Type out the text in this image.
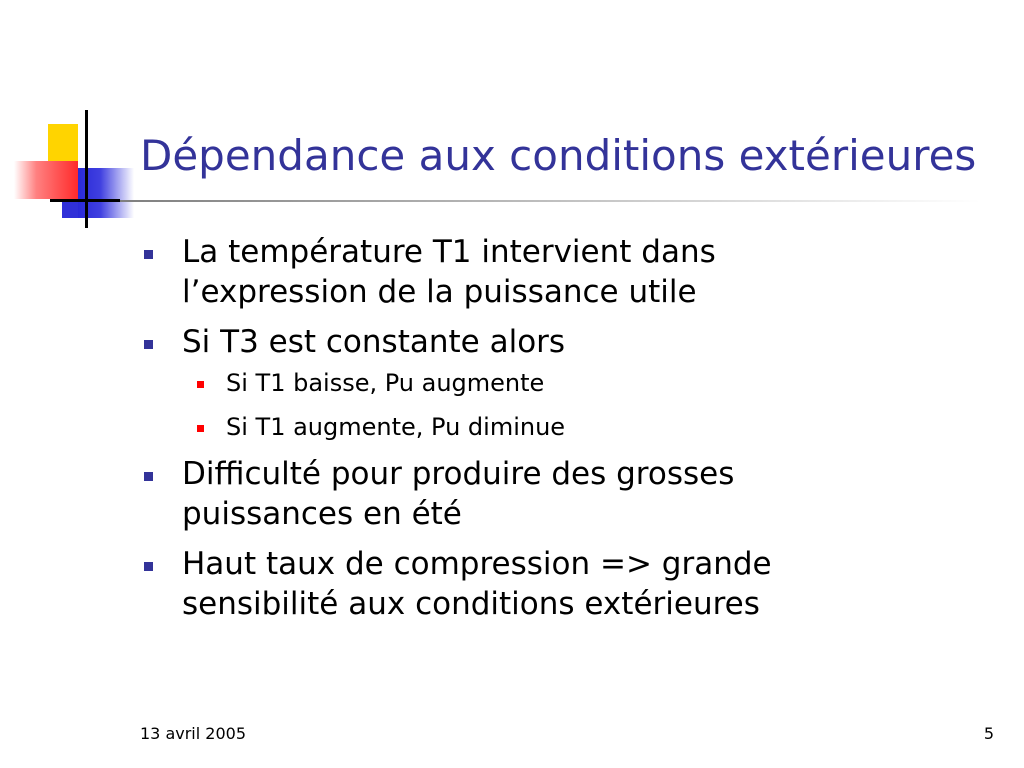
Dépendance aux conditions extérieures
La température T1 intervient dans
l’expression de la puissance utile
Si T3 est constante alors
Si T1 baisse, Pu augmente
Si T1 augmente, Pu diminue
Difficulté pour produire des grosses
puissances en été
Haut taux de compression => grande
sensibilité aux conditions extérieures
13 avril 2005	5
